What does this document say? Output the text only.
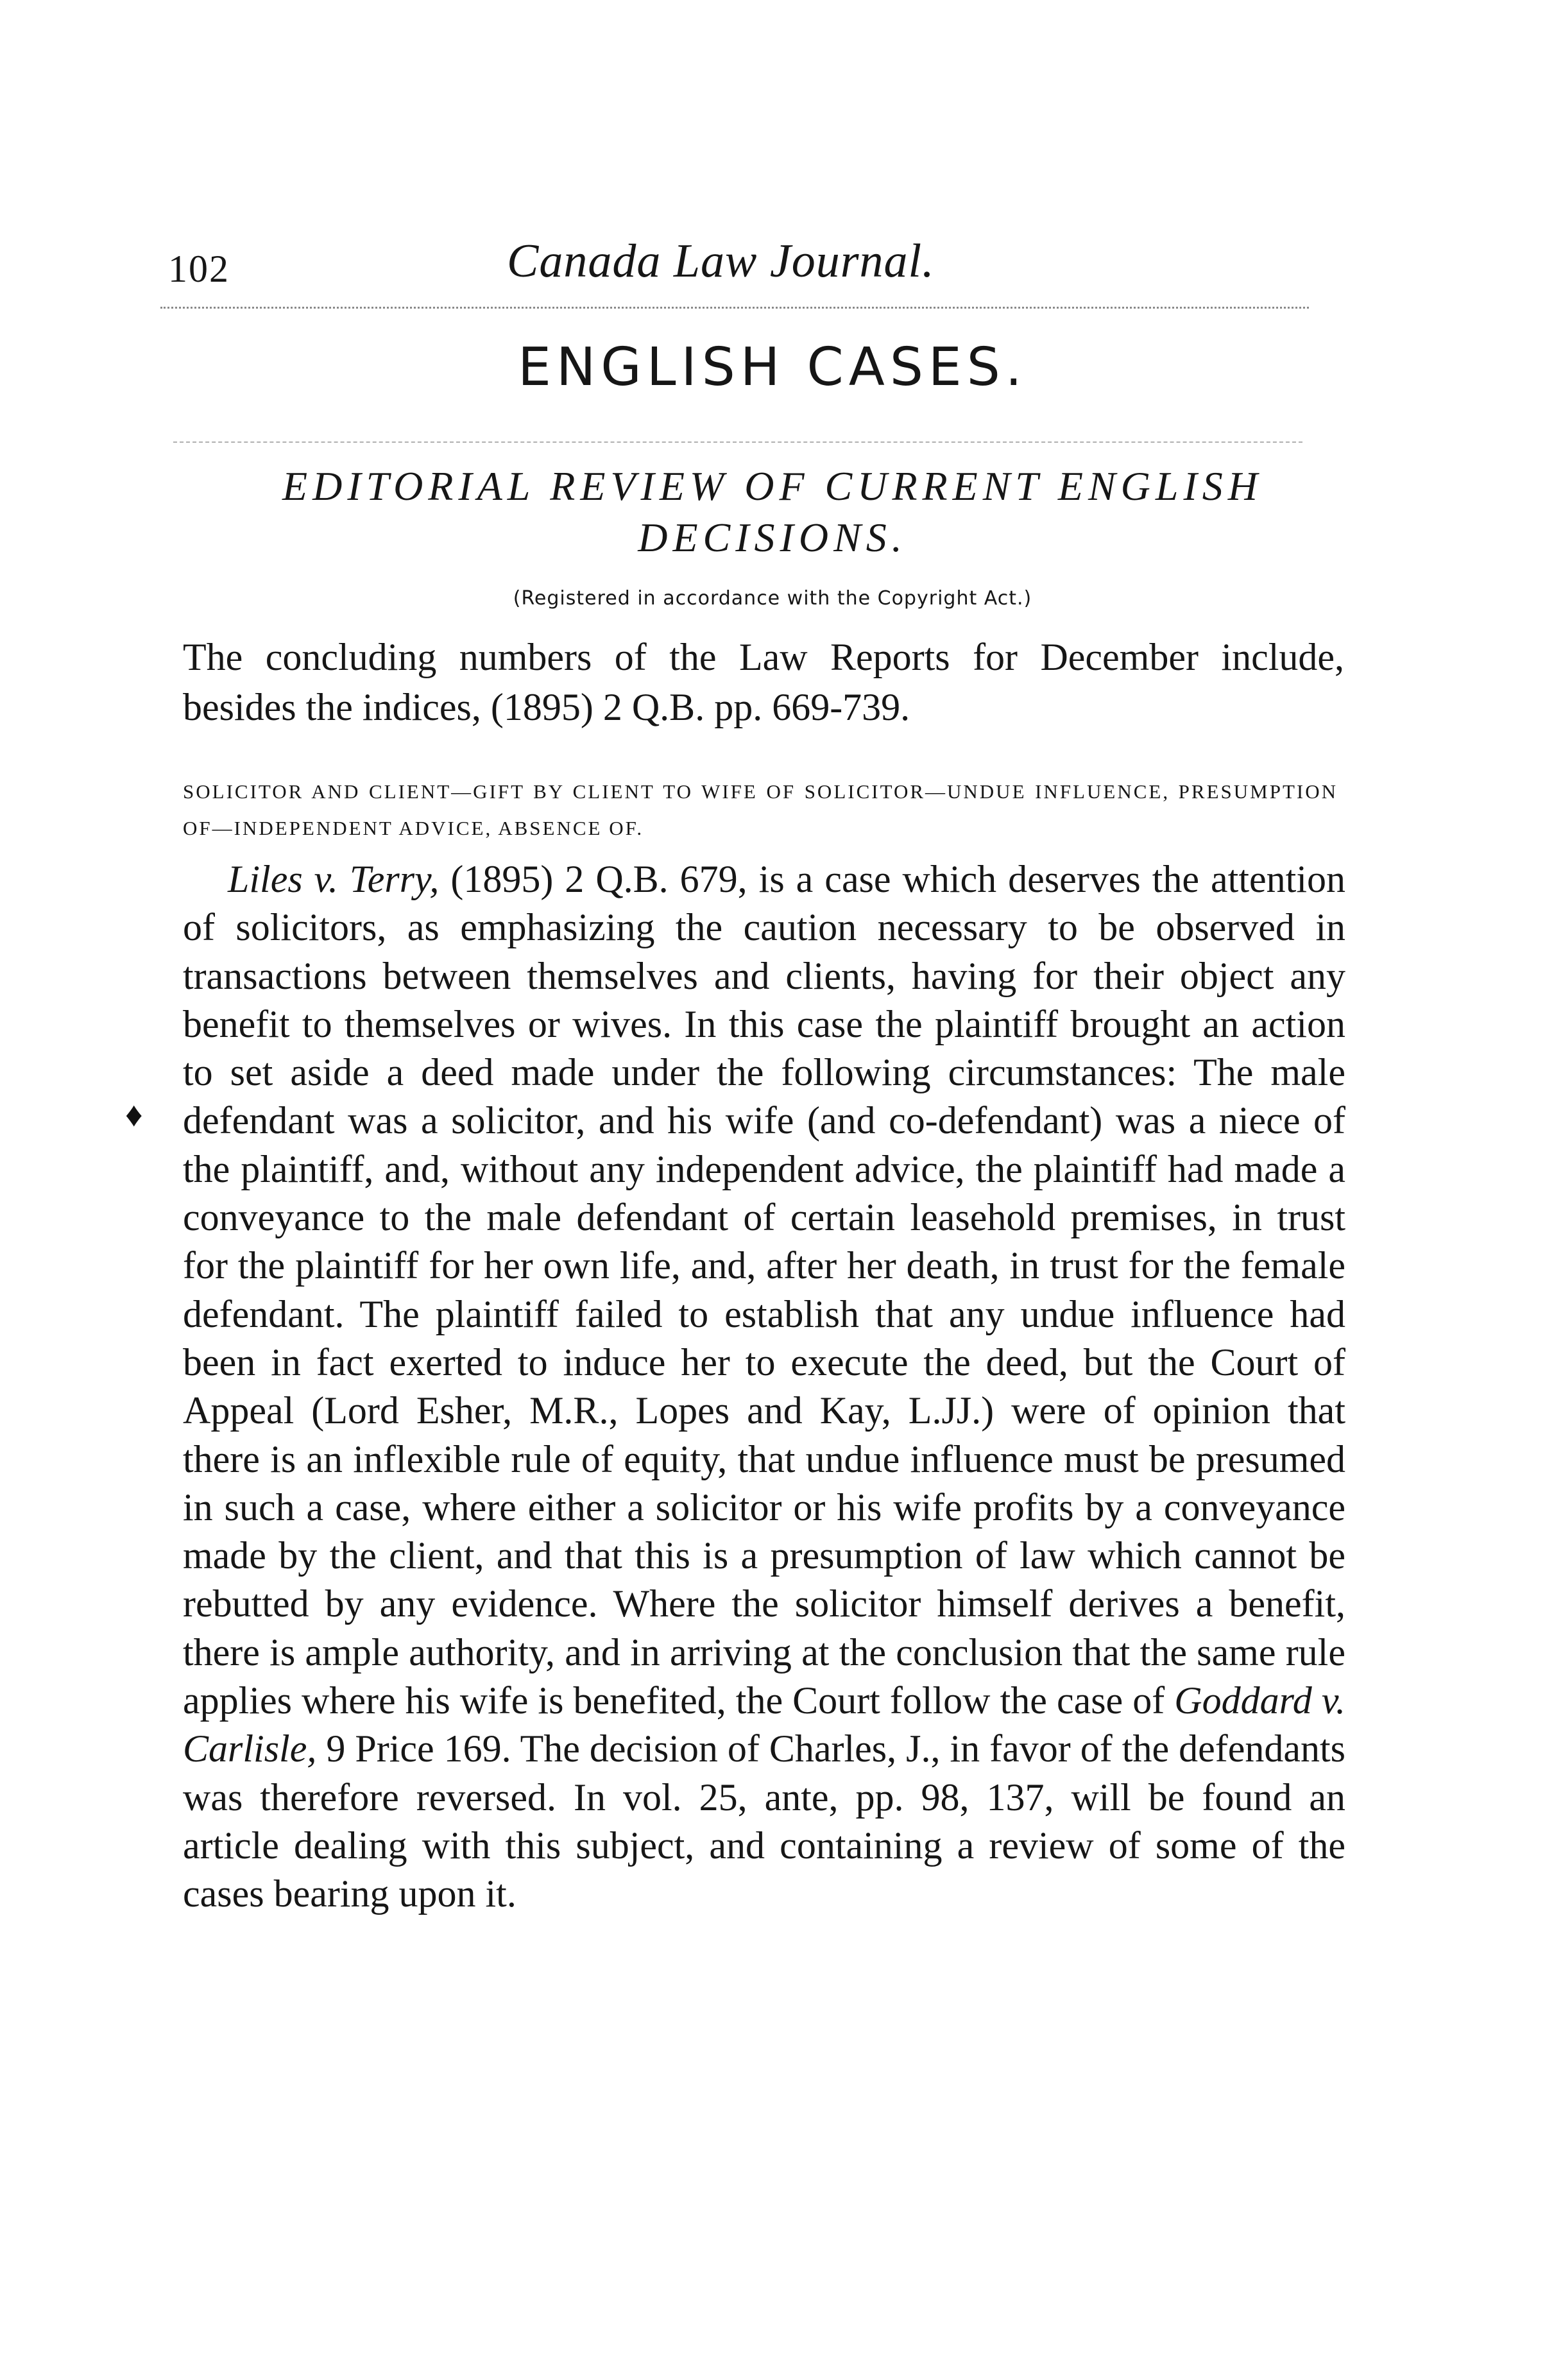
102	Canada Law Journal.
ENGLISH CASES.
EDITORIAL REVIEW OF CURRENT ENGLISH
DECISIONS.
(Registered in accordance with the Copyright Act.)

The concluding numbers of the Law Reports for December include, besides the indices, (1895) 2 Q.B. pp. 669-739.

SOLICITOR AND CLIENT—GIFT BY CLIENT TO WIFE OF SOLICITOR—UNDUE INFLUENCE, PRESUMPTION OF—INDEPENDENT ADVICE, ABSENCE OF.

♦

Liles v. Terry, (1895) 2 Q.B. 679, is a case which deserves the attention of solicitors, as emphasizing the caution necessary to be observed in transactions between themselves and clients, having for their object any benefit to themselves or wives. In this case the plaintiff brought an action to set aside a deed made under the following circumstances: The male defendant was a solicitor, and his wife (and co-defendant) was a niece of the plaintiff, and, without any independent advice, the plaintiff had made a conveyance to the male defendant of certain leasehold premises, in trust for the plaintiff for her own life, and, after her death, in trust for the female defendant. The plaintiff failed to establish that any undue influence had been in fact exerted to induce her to execute the deed, but the Court of Appeal (Lord Esher, M.R., Lopes and Kay, L.JJ.) were of opinion that there is an inflexible rule of equity, that undue influence must be presumed in such a case, where either a solicitor or his wife profits by a conveyance made by the client, and that this is a presumption of law which cannot be rebutted by any evidence. Where the solicitor himself derives a benefit, there is ample authority, and in arriving at the conclusion that the same rule applies where his wife is benefited, the Court follow the case of Goddard v. Carlisle, 9 Price 169. The decision of Charles, J., in favor of the defendants was therefore reversed. In vol. 25, ante, pp. 98, 137, will be found an article dealing with this subject, and containing a review of some of the cases bearing upon it.
